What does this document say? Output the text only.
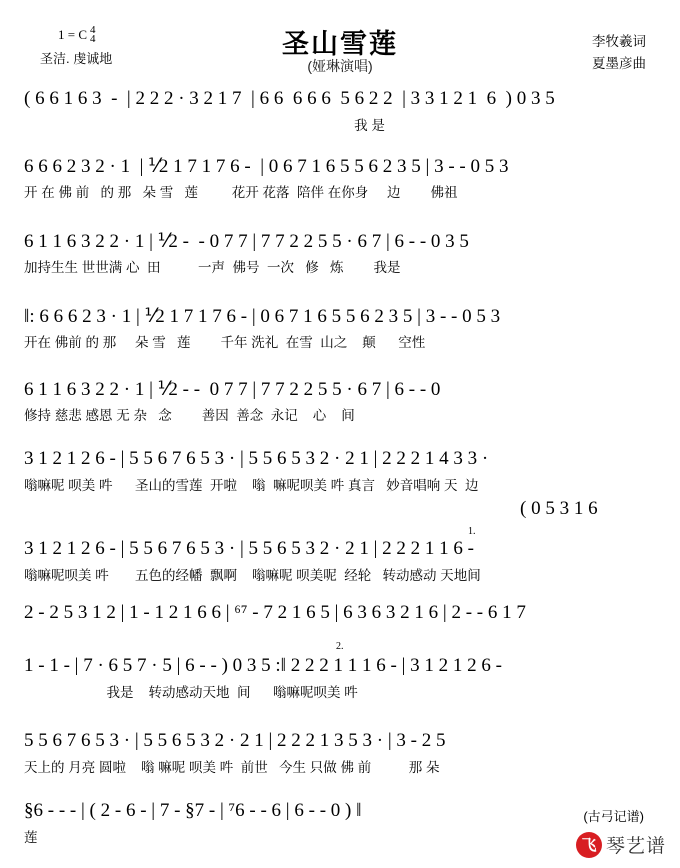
1 = C 4
4
圣洁. 虔诚地	圣山雪莲
(娅琳演唱)
李牧羲词
夏墨彦曲
( 6 6 1 6 3  -  | 2 2 2 · 3 2 1 7  | 6 6  6 6 6  5 6 2 2  | 3 3 1 2 1  6  ) 0 3 5
我 是
6 6 6 2 3 2 · 1  | ⅟2 1 7 1 7 6 -  | 0 6 7 1 6 5 5 6 2 3 5 | 3 - - 0 5 3
开 在 佛 前   的 那   朵 雪   莲         花开 花落  陪伴 在你身     边        佛祖
6 1 1 6 3 2 2 · 1 | ⅟2 -  - 0 7 7 | 7 7 2 2 5 5 · 6 7 | 6 - - 0 3 5
加持生生 世世满 心  田          一声  佛号  一次   修   炼        我是
‖: 6 6 6 2 3 · 1 | ⅟2 1 7 1 7 6 - | 0 6 7 1 6 5 5 6 2 3 5 | 3 - - 0 5 3
开在 佛前 的 那     朵 雪   莲        千年 洗礼  在雪  山之    颠      空性
6 1 1 6 3 2 2 · 1 | ⅟2 - -  0 7 7 | 7 7 2 2 5 5 · 6 7 | 6 - - 0
修持 慈悲 感恩 无 杂   念        善因  善念  永记    心    间
3 1 2 1 2 6 - | 5 5 6 7 6 5 3 · | 5 5 6 5 3 2 · 2 1 | 2 2 2 1 4 3 3 ·
嗡嘛呢 呗美 吽      圣山的雪莲  开啦    嗡  嘛呢呗美 吽 真言   妙音唱响 天  边
( 0 5 3 1 6
3 1 2 1 2 6 - | 5 5 6 7 6 5 3 · | 5 5 6 5 3 2 · 2 1 | 2 2 2 1 1 6 -
嗡嘛呢呗美 吽       五色的经幡  飘啊    嗡嘛呢 呗美呢  经轮   转动感动 天地间
1.
2 - 2 5 3 1 2 | 1 - 1 2 1 6 6 | ⁶⁷ - 7 2 1 6 5 | 6 3 6 3 2 1 6 | 2 - - 6 1 7
1 - 1 - | 7 · 6 5 7 · 5 | 6 - - ) 0 3 5 :‖ 2 2 2 1 1 1 6 - | 3 1 2 1 2 6 -
我是    转动感动天地  间      嗡嘛呢呗美 吽
2.
5 5 6 7 6 5 3 · | 5 5 6 5 3 2 · 2 1 | 2 2 2 1 3 5 3 · | 3 - 2 5
天上的 月亮 圆啦    嗡 嘛呢 呗美 吽  前世   今生 只做 佛 前          那 朵
§6 - - - | ( 2 - 6 - | 7 - §7 - | ⁷6 - - 6 | 6 - - 0 ) ‖
莲
(古弓记谱)
飞 琴艺谱
